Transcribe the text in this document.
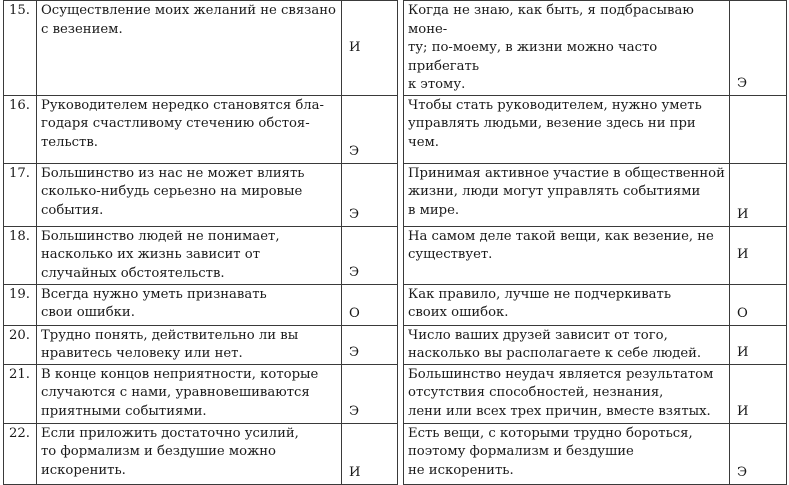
15.	Осуществление моих желаний не связано
с везением.	И		Когда не знаю, как быть, я подбрасываю моне-
ту; по-моему, в жизни можно часто прибегать
к этому.	Э
16.	Руководителем нередко становятся бла-
годаря счастливому стечению обстоя-
тельств.	Э		Чтобы стать руководителем, нужно уметь
управлять людьми, везение здесь ни при чем.	
17.	Большинство из нас не может влиять
сколько-нибудь серьезно на мировые
события.	Э		Принимая активное участие в общественной
жизни, люди могут управлять событиями
в мире.	И
18.	Большинство людей не понимает,
насколько их жизнь зависит от
случайных обстоятельств.	Э		На самом деле такой вещи, как везение, не
существует.	И
19.	Всегда нужно уметь признавать
свои ошибки.	О		Как правило, лучше не подчеркивать
своих ошибок.	О
20.	Трудно понять, действительно ли вы
нравитесь человеку или нет.	Э		Число ваших друзей зависит от того,
насколько вы располагаете к себе людей.	И
21.	В конце концов неприятности, которые
случаются с нами, уравновешиваются
приятными событиями.	Э		Большинство неудач является результатом
отсутствия способностей, незнания,
лени или всех трех причин, вместе взятых.	И
22.	Если приложить достаточно усилий,
то формализм и бездушие можно
искоренить.	И		Есть вещи, с которыми трудно бороться,
поэтому формализм и бездушие
не искоренить.	Э
